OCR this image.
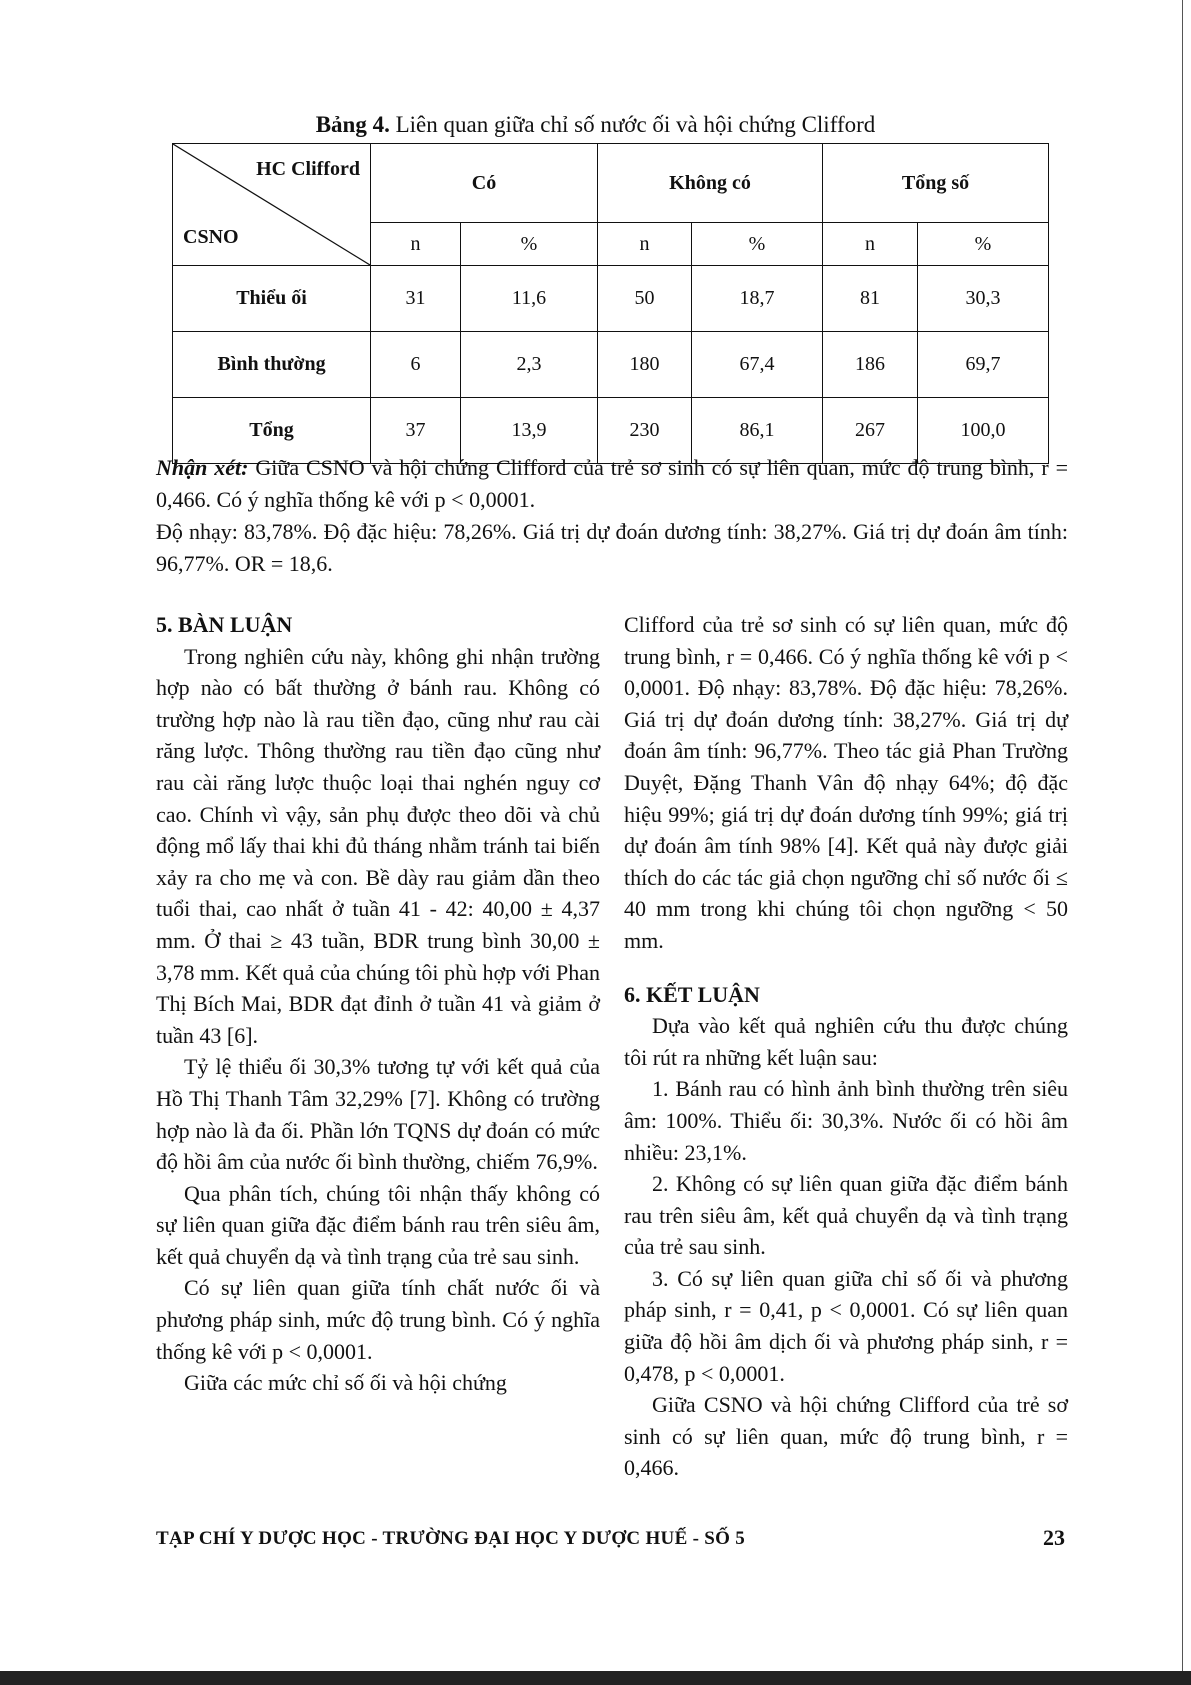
Bảng 4. Liên quan giữa chỉ số nước ối và hội chứng Clifford
HC Clifford
CSNO	Có		Không có		Tổng số	
	n	%	n	%	n	%
Thiểu ối	31	11,6	50	18,7	81	30,3
Bình thường	6	2,3	180	67,4	186	69,7
Tổng	37	13,9	230	86,1	267	100,0
Nhận xét: Giữa CSNO và hội chứng Clifford của trẻ sơ sinh có sự liên quan, mức độ trung bình, r = 0,466. Có ý nghĩa thống kê với p < 0,0001.
Độ nhạy: 83,78%. Độ đặc hiệu: 78,26%. Giá trị dự đoán dương tính: 38,27%. Giá trị dự đoán âm tính: 96,77%. OR = 18,6.
5. BÀN LUẬN

Trong nghiên cứu này, không ghi nhận trường hợp nào có bất thường ở bánh rau. Không có trường hợp nào là rau tiền đạo, cũng như rau cài răng lược. Thông thường rau tiền đạo cũng như rau cài răng lược thuộc loại thai nghén nguy cơ cao. Chính vì vậy, sản phụ được theo dõi và chủ động mổ lấy thai khi đủ tháng nhằm tránh tai biến xảy ra cho mẹ và con. Bề dày rau giảm dần theo tuổi thai, cao nhất ở tuần 41 - 42: 40,00 ± 4,37 mm. Ở thai ≥ 43 tuần, BDR trung bình 30,00 ± 3,78 mm. Kết quả của chúng tôi phù hợp với Phan Thị Bích Mai, BDR đạt đỉnh ở tuần 41 và giảm ở tuần 43 [6].

Tỷ lệ thiểu ối 30,3% tương tự với kết quả của Hồ Thị Thanh Tâm 32,29% [7]. Không có trường hợp nào là đa ối. Phần lớn TQNS dự đoán có mức độ hồi âm của nước ối bình thường, chiếm 76,9%.

Qua phân tích, chúng tôi nhận thấy không có sự liên quan giữa đặc điểm bánh rau trên siêu âm, kết quả chuyển dạ và tình trạng của trẻ sau sinh.

Có sự liên quan giữa tính chất nước ối và phương pháp sinh, mức độ trung bình. Có ý nghĩa thống kê với p < 0,0001.

Giữa các mức chỉ số ối và hội chứng

Clifford của trẻ sơ sinh có sự liên quan, mức độ trung bình, r = 0,466. Có ý nghĩa thống kê với p < 0,0001. Độ nhạy: 83,78%. Độ đặc hiệu: 78,26%. Giá trị dự đoán dương tính: 38,27%. Giá trị dự đoán âm tính: 96,77%. Theo tác giả Phan Trường Duyệt, Đặng Thanh Vân độ nhạy 64%; độ đặc hiệu 99%; giá trị dự đoán dương tính 99%; giá trị dự đoán âm tính 98% [4]. Kết quả này được giải thích do các tác giả chọn ngưỡng chỉ số nước ối ≤ 40 mm trong khi chúng tôi chọn ngưỡng < 50 mm.

6. KẾT LUẬN

Dựa vào kết quả nghiên cứu thu được chúng tôi rút ra những kết luận sau:

1. Bánh rau có hình ảnh bình thường trên siêu âm: 100%. Thiểu ối: 30,3%. Nước ối có hồi âm nhiều: 23,1%.

2. Không có sự liên quan giữa đặc điểm bánh rau trên siêu âm, kết quả chuyển dạ và tình trạng của trẻ sau sinh.

3. Có sự liên quan giữa chỉ số ối và phương pháp sinh, r = 0,41, p < 0,0001. Có sự liên quan giữa độ hồi âm dịch ối và phương pháp sinh, r = 0,478, p < 0,0001.

Giữa CSNO và hội chứng Clifford của trẻ sơ sinh có sự liên quan, mức độ trung bình, r = 0,466.

TẠP CHÍ Y DƯỢC HỌC - TRƯỜNG ĐẠI HỌC Y DƯỢC HUẾ - SỐ 5	23
